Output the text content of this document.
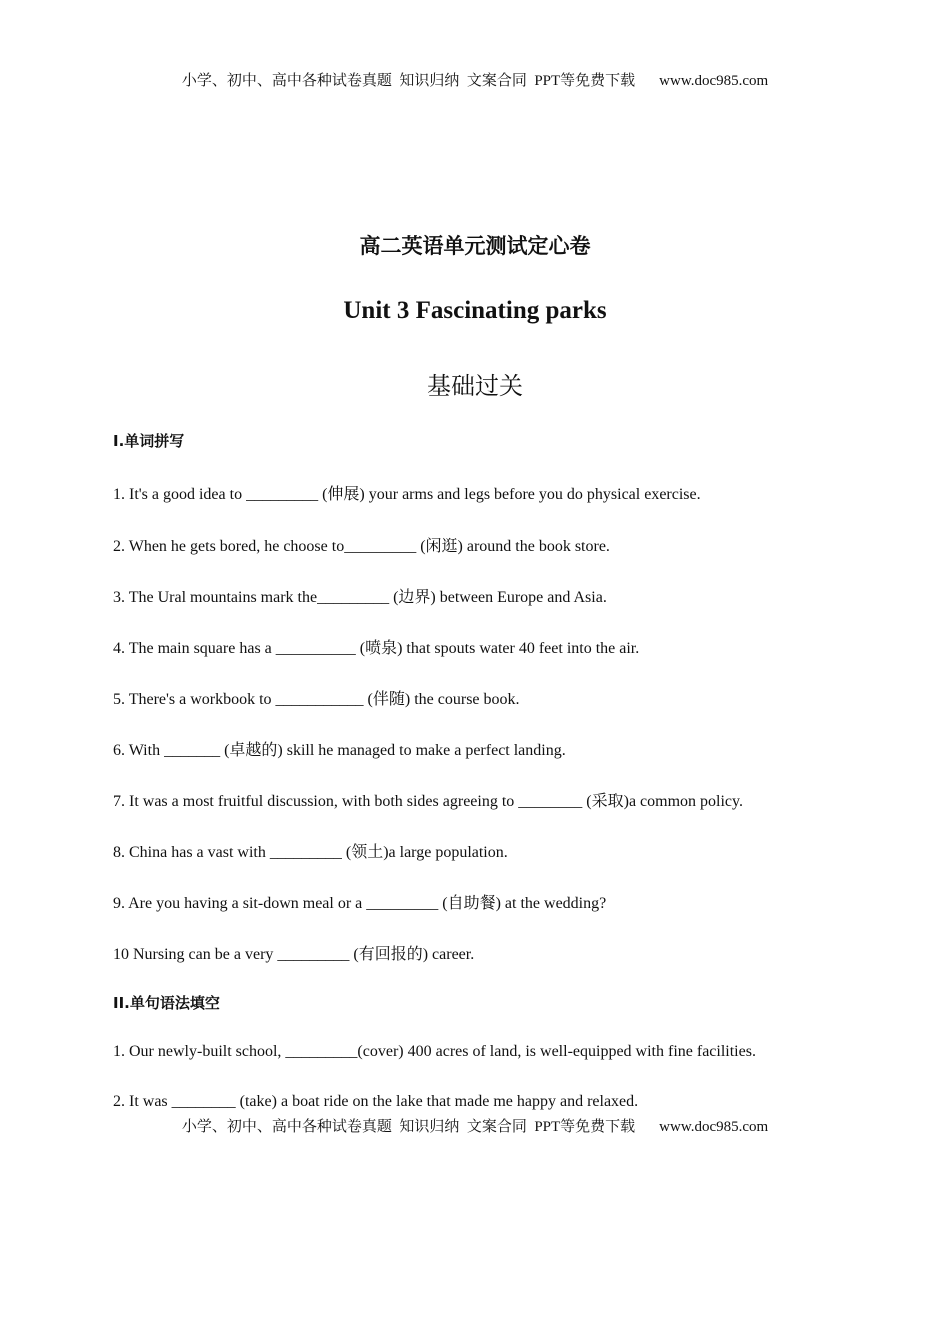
小学、初中、高中各种试卷真题  知识归纳  文案合同  PPT等免费下载 www.doc985.com
高二英语单元测试定心卷
Unit 3 Fascinating parks
基础过关
I.单词拼写
1. It's a good idea to _________ (伸展) your arms and legs before you do physical exercise.
2. When he gets bored, he choose to_________ (闲逛) around the book store.
3. The Ural mountains mark the_________ (边界) between Europe and Asia.
4. The main square has a __________ (喷泉) that spouts water 40 feet into the air.
5. There's a workbook to ___________ (伴随) the course book.
6. With _______ (卓越的) skill he managed to make a perfect landing.
7. It was a most fruitful discussion, with both sides agreeing to ________ (采取)a common policy.
8. China has a vast with _________ (领土)a large population.
9. Are you having a sit-down meal or a _________ (自助餐) at the wedding?
10 Nursing can be a very _________ (有回报的) career.
II.单句语法填空
1. Our newly-built school, _________(cover) 400 acres of land, is well-equipped with fine facilities.
2. It was ________ (take) a boat ride on the lake that made me happy and relaxed.
小学、初中、高中各种试卷真题  知识归纳  文案合同  PPT等免费下载 www.doc985.com
